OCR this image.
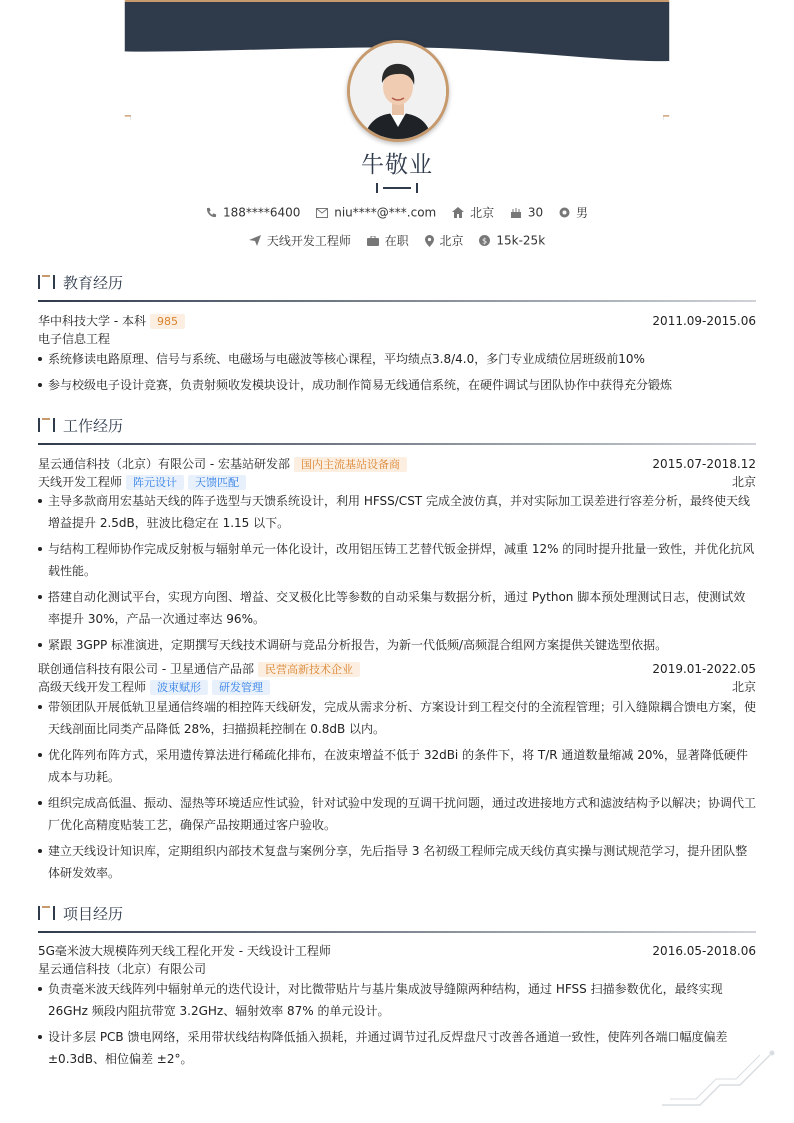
牛敬业
188****6400	niu****@***.com	北京	30	男
天线开发工程师	在职	北京 $ 15k-25k
教育经历
华中科技大学 - 本科 985	2011.09-2015.06
电子信息工程
系统修读电路原理、信号与系统、电磁场与电磁波等核心课程，平均绩点3.8/4.0，多门专业成绩位居班级前10%
参与校级电子设计竞赛，负责射频收发模块设计，成功制作简易无线通信系统，在硬件调试与团队协作中获得充分锻炼
工作经历
星云通信科技（北京）有限公司 - 宏基站研发部 国内主流基站设备商	2015.07-2018.12
天线开发工程师 阵元设计 天馈匹配	北京
主导多款商用宏基站天线的阵子选型与天馈系统设计，利用 HFSS/CST 完成全波仿真，并对实际加工误差进行容差分析，最终使天线增益提升 2.5dB，驻波比稳定在 1.15 以下。
与结构工程师协作完成反射板与辐射单元一体化设计，改用铝压铸工艺替代钣金拼焊，减重 12% 的同时提升批量一致性，并优化抗风载性能。
搭建自动化测试平台，实现方向图、增益、交叉极化比等参数的自动采集与数据分析，通过 Python 脚本预处理测试日志，使测试效率提升 30%，产品一次通过率达 96%。
紧跟 3GPP 标准演进，定期撰写天线技术调研与竞品分析报告，为新一代低频/高频混合组网方案提供关键选型依据。
联创通信科技有限公司 - 卫星通信产品部 民营高新技术企业	2019.01-2022.05
高级天线开发工程师 波束赋形 研发管理	北京
带领团队开展低轨卫星通信终端的相控阵天线研发，完成从需求分析、方案设计到工程交付的全流程管理；引入缝隙耦合馈电方案，使天线剖面比同类产品降低 28%，扫描损耗控制在 0.8dB 以内。
优化阵列布阵方式，采用遗传算法进行稀疏化排布，在波束增益不低于 32dBi 的条件下，将 T/R 通道数量缩减 20%，显著降低硬件成本与功耗。
组织完成高低温、振动、湿热等环境适应性试验，针对试验中发现的互调干扰问题，通过改进接地方式和滤波结构予以解决；协调代工厂优化高精度贴装工艺，确保产品按期通过客户验收。
建立天线设计知识库，定期组织内部技术复盘与案例分享，先后指导 3 名初级工程师完成天线仿真实操与测试规范学习，提升团队整体研发效率。
项目经历
5G毫米波大规模阵列天线工程化开发 - 天线设计工程师	2016.05-2018.06
星云通信科技（北京）有限公司
负责毫米波天线阵列中辐射单元的迭代设计，对比微带贴片与基片集成波导缝隙两种结构，通过 HFSS 扫描参数优化，最终实现 26GHz 频段内阻抗带宽 3.2GHz、辐射效率 87% 的单元设计。
设计多层 PCB 馈电网络，采用带状线结构降低插入损耗，并通过调节过孔反焊盘尺寸改善各通道一致性，使阵列各端口幅度偏差 ±0.3dB、相位偏差 ±2°。
